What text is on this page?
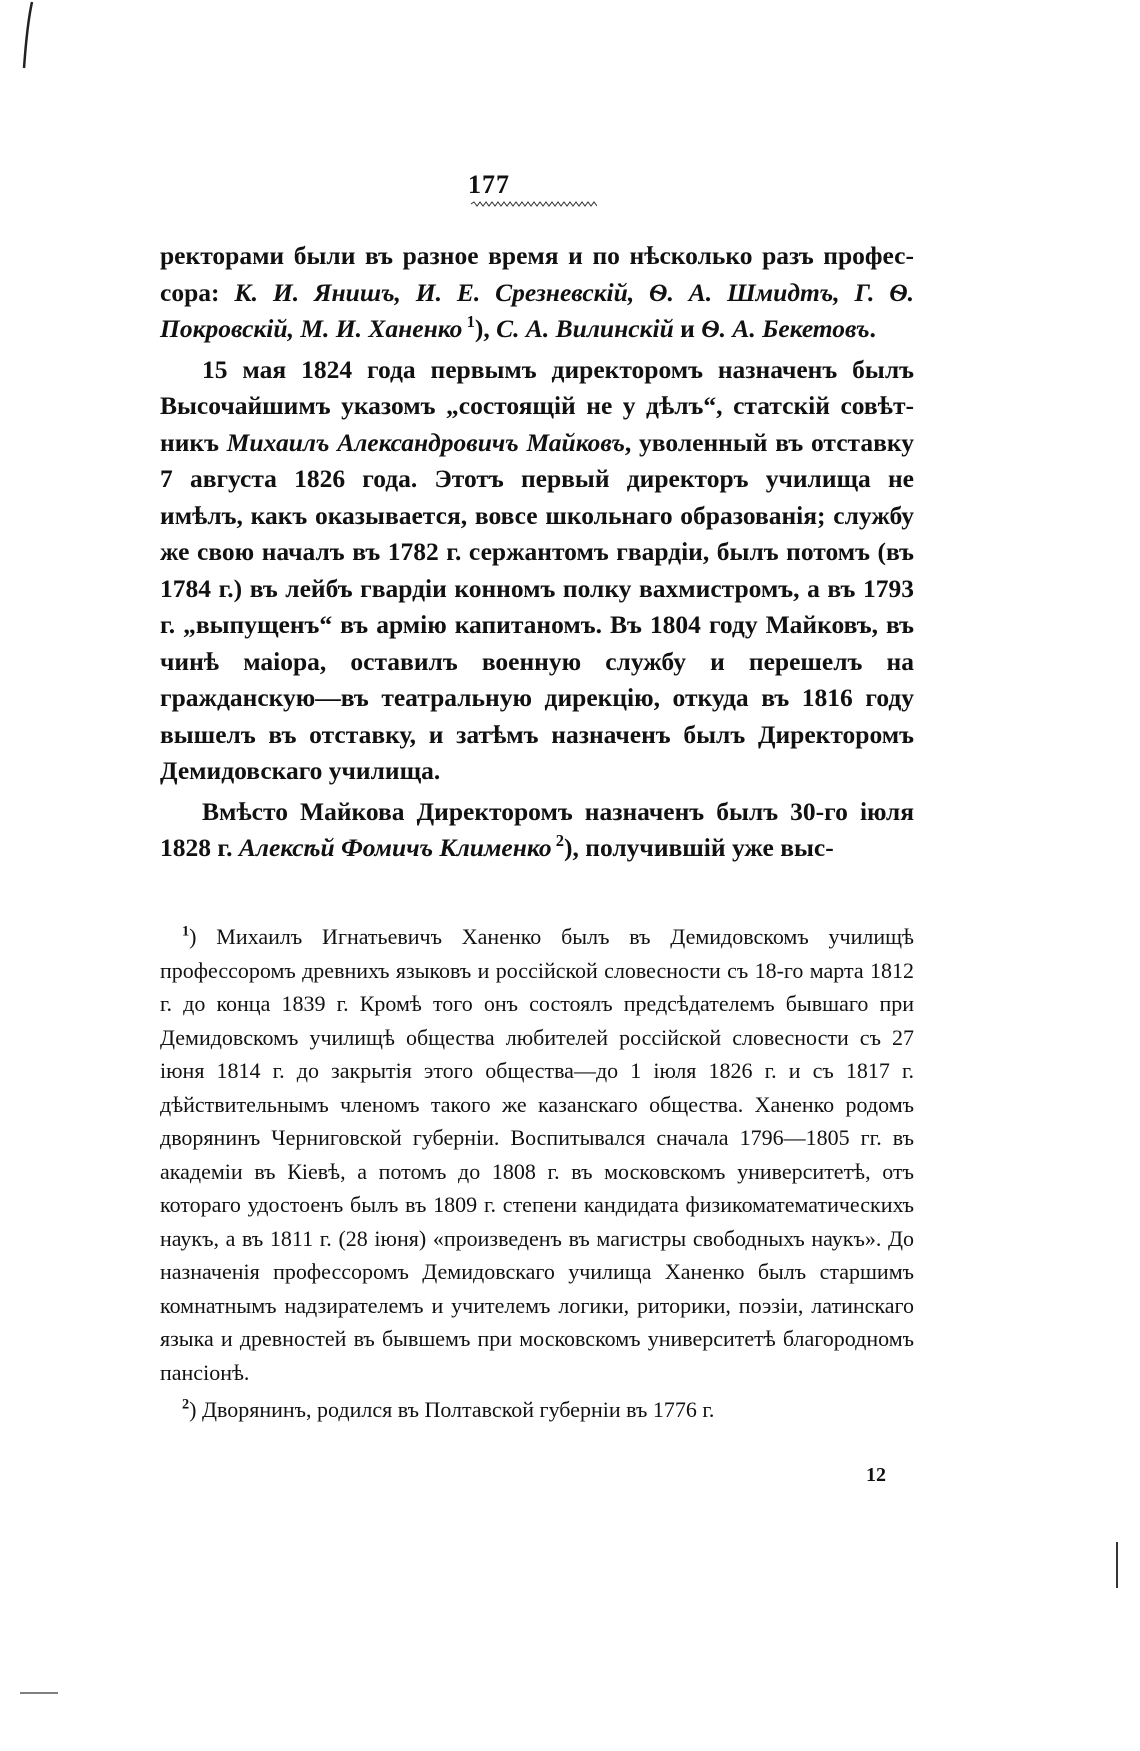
177

ректорами были въ разное время и по нѣсколько разъ профессора: К. И. Янишъ, И. Е. Срезневскій, Ѳ. А. Шмидтъ, Г. Ѳ. Покровскій, М. И. Ханенко $^1$), С. А. Вилинскій и Ѳ. А. Бекетовъ.

15 мая 1824 года первымъ директоромъ назначенъ былъ Высочайшимъ указомъ „состоящій не у дѣлъ“, статскій совѣтникъ Михаилъ Александровичъ Майковъ, уволенный въ отставку 7 августа 1826 года. Этотъ первый директоръ училища не имѣлъ, какъ оказывается, вовсе школьнаго образованія; службу же свою началъ въ 1782 г. сержантомъ гвардіи, былъ потомъ (въ 1784 г.) въ лейбъ гвардіи конномъ полку вахмистромъ, а въ 1793 г. „выпущенъ“ въ армію капитаномъ. Въ 1804 году Майковъ, въ чинѣ маіора, оставилъ военную службу и перешелъ на гражданскую—въ театральную дирекцію, откуда въ 1816 году вышелъ въ отставку, и затѣмъ назначенъ былъ Директоромъ Демидовскаго училища.

Вмѣсто Майкова Директоромъ назначенъ былъ 30-го іюля 1828 г. Алексѣй Фомичъ Клименко $^2$), получившій уже выс-

$^1$) Михаилъ Игнатьевичъ Ханенко былъ въ Демидовскомъ училищѣ профессоромъ древнихъ языковъ и россійской словесности съ 18-го марта 1812 г. до конца 1839 г. Кромѣ того онъ состоялъ предсѣдателемъ бывшаго при Демидовскомъ училищѣ общества любителей россійской словесности съ 27 іюня 1814 г. до закрытія этого общества—до 1 іюля 1826 г. и съ 1817 г. дѣйствительнымъ членомъ такого же казанскаго общества. Ханенко родомъ дворянинъ Черниговской губерніи. Воспитывался сначала 1796—1805 гг. въ академіи въ Кіевѣ, а потомъ до 1808 г. въ московскомъ университетѣ, отъ котораго удостоенъ былъ въ 1809 г. степени кандидата физикоматематическихъ наукъ, а въ 1811 г. (28 іюня) «произведенъ въ магистры свободныхъ наукъ». До назначенія профессоромъ Демидовскаго училища Ханенко былъ старшимъ комнатнымъ надзирателемъ и учителемъ логики, риторики, поэзіи, латинскаго языка и древностей въ бывшемъ при московскомъ университетѣ благородномъ пансіонѣ.

$^2$) Дворянинъ, родился въ Полтавской губерніи въ 1776 г.

12
